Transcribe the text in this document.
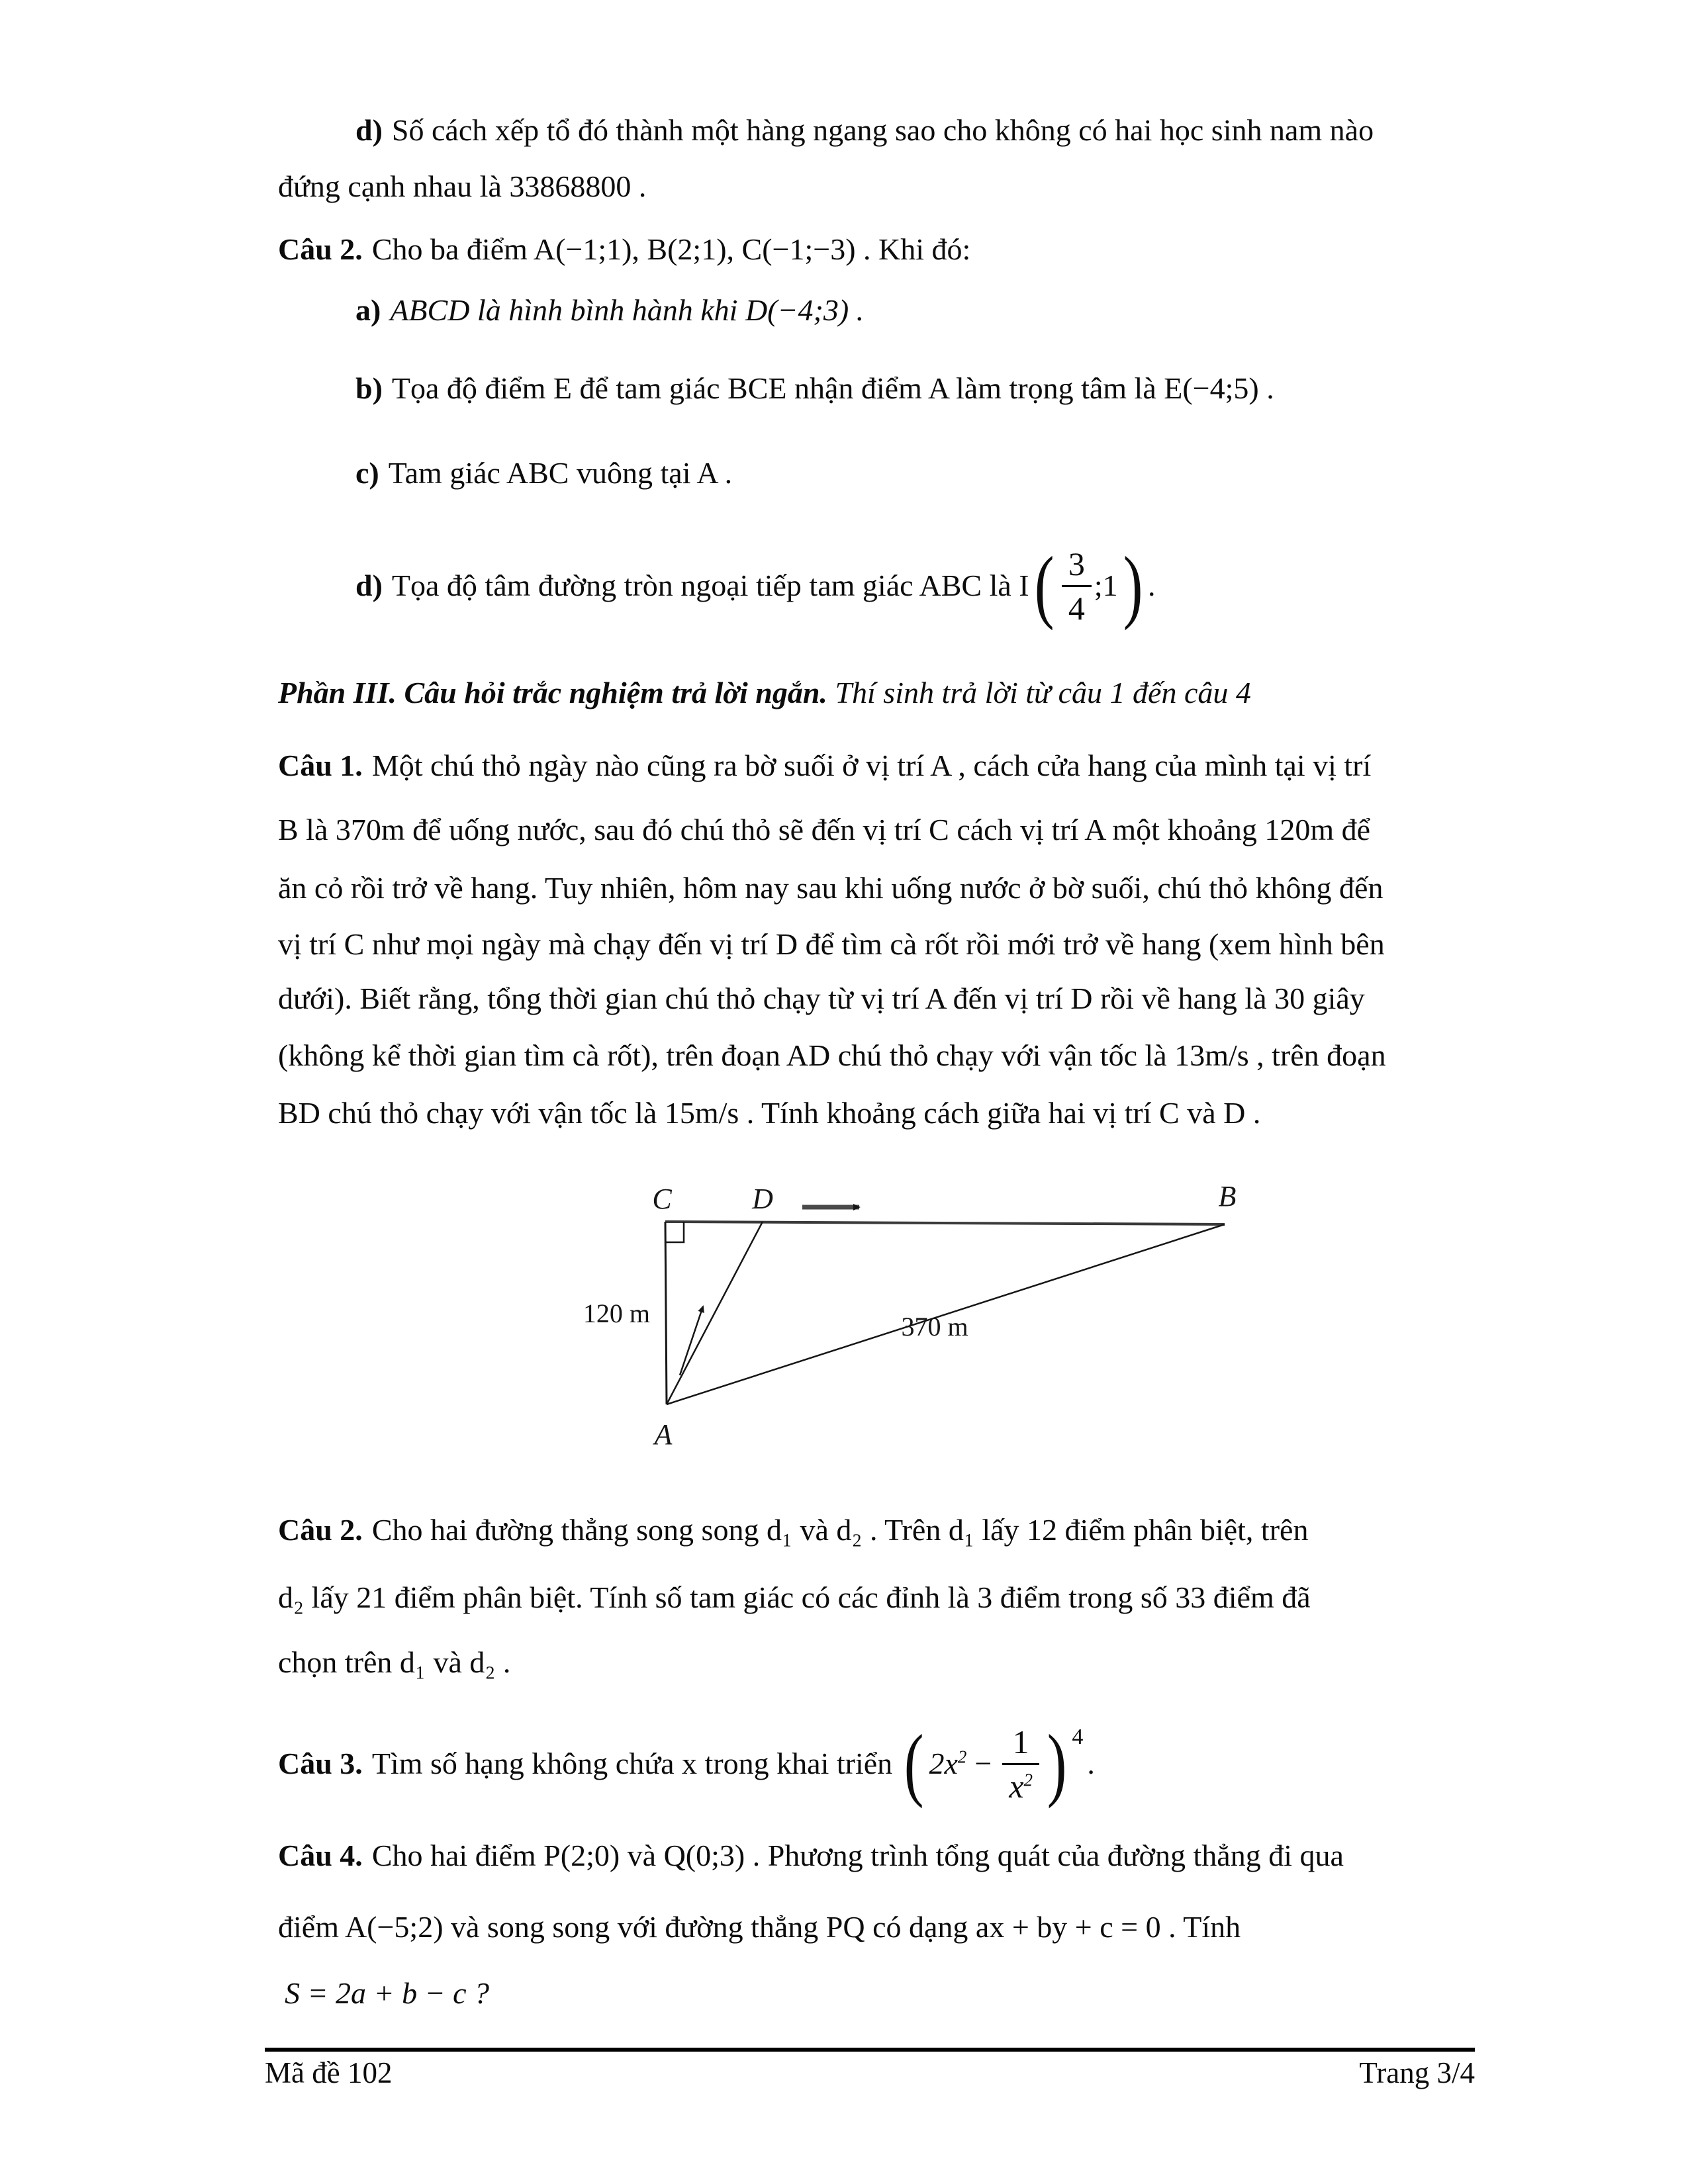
d) Số cách xếp tổ đó thành một hàng ngang sao cho không có hai học sinh nam nào
đứng cạnh nhau là 33868800 .
Câu 2. Cho ba điểm A(−1;1), B(2;1), C(−1;−3) . Khi đó:
a) ABCD là hình bình hành khi D(−4;3) .
b) Tọa độ điểm E để tam giác BCE nhận điểm A làm trọng tâm là E(−4;5) .
c) Tam giác ABC vuông tại A .
d) Tọa độ tâm đường tròn ngoại tiếp tam giác ABC là I ( $\frac{3}{4}$ ;1 ) .
Phần III. Câu hỏi trắc nghiệm trả lời ngắn. Thí sinh trả lời từ câu 1 đến câu 4
Câu 1. Một chú thỏ ngày nào cũng ra bờ suối ở vị trí A , cách cửa hang của mình tại vị trí
B là 370m để uống nước, sau đó chú thỏ sẽ đến vị trí C cách vị trí A một khoảng 120m để
ăn cỏ rồi trở về hang. Tuy nhiên, hôm nay sau khi uống nước ở bờ suối, chú thỏ không đến
vị trí C như mọi ngày mà chạy đến vị trí D để tìm cà rốt rồi mới trở về hang (xem hình bên
dưới). Biết rằng, tổng thời gian chú thỏ chạy từ vị trí A đến vị trí D rồi về hang là 30 giây
(không kể thời gian tìm cà rốt), trên đoạn AD chú thỏ chạy với vận tốc là 13m/s , trên đoạn
BD chú thỏ chạy với vận tốc là 15m/s . Tính khoảng cách giữa hai vị trí C và D .
C	D	B
A
120 m	370 m
Câu 2. Cho hai đường thẳng song song d₁ và d₂ . Trên d₁ lấy 12 điểm phân biệt, trên
d₂ lấy 21 điểm phân biệt. Tính số tam giác có các đỉnh là 3 điểm trong số 33 điểm đã
chọn trên d₁ và d₂ .
Câu 3. Tìm số hạng không chứa x trong khai triển ( $2x^2 - \frac{1}{x^2}$ ) 4
.
Câu 4. Cho hai điểm P(2;0) và Q(0;3) . Phương trình tổng quát của đường thẳng đi qua
điểm A(−5;2) và song song với đường thẳng PQ có dạng ax + by + c = 0 . Tính
S = 2a + b − c ?
Mã đề 102	Trang 3/4
